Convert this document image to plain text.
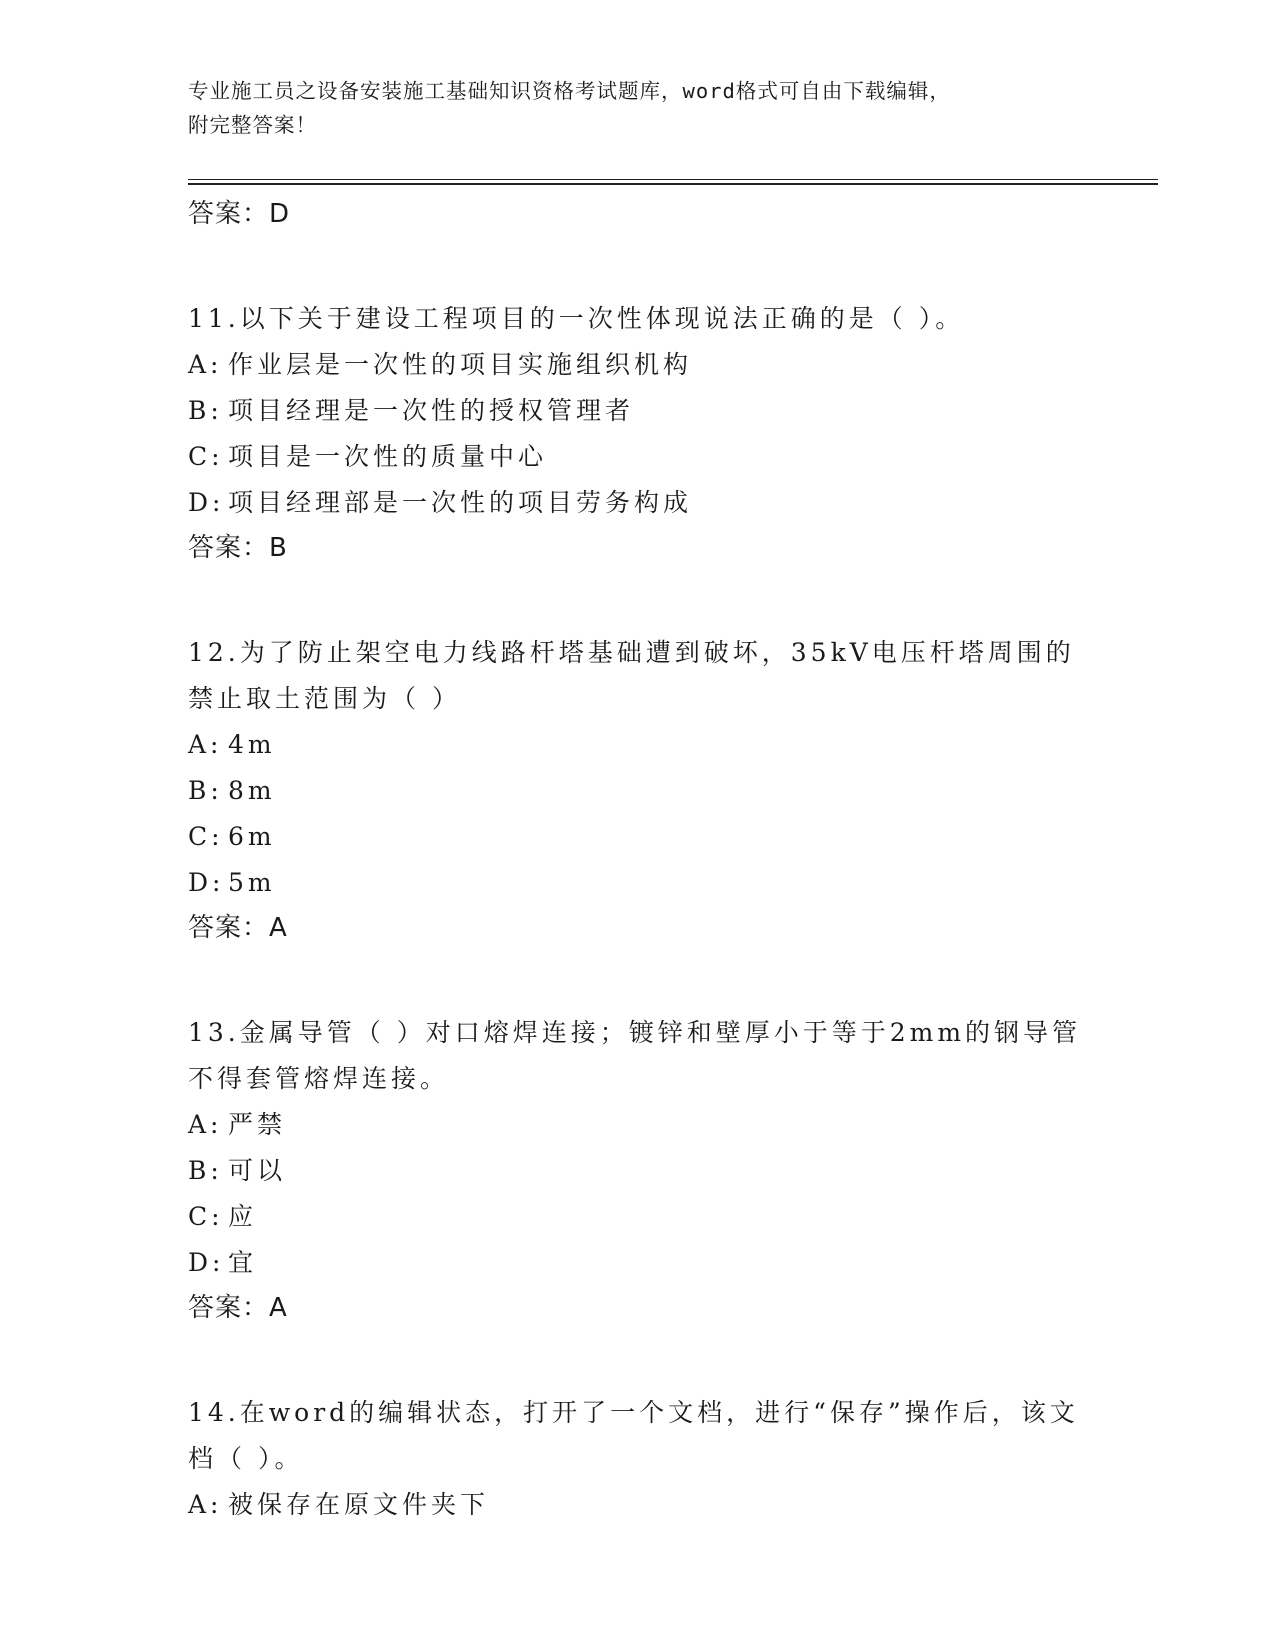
专业施工员之设备安装施工基础知识资格考试题库，word格式可自由下载编辑，
附完整答案！
答案：D
11.以下关于建设工程项目的一次性体现说法正确的是（ ）。
A: 作业层是一次性的项目实施组织机构
B: 项目经理是一次性的授权管理者
C: 项目是一次性的质量中心
D: 项目经理部是一次性的项目劳务构成
答案：B
12.为了防止架空电力线路杆塔基础遭到破坏，35kV电压杆塔周围的禁止取土范围为（ ）
A: 4m
B: 8m
C: 6m
D: 5m
答案：A
13.金属导管（ ）对口熔焊连接；镀锌和壁厚小于等于2mm的钢导管不得套管熔焊连接。
A: 严禁
B: 可以
C: 应
D: 宜
答案：A
14.在word的编辑状态，打开了一个文档，进行“保存”操作后，该文档（ ）。
A: 被保存在原文件夹下
